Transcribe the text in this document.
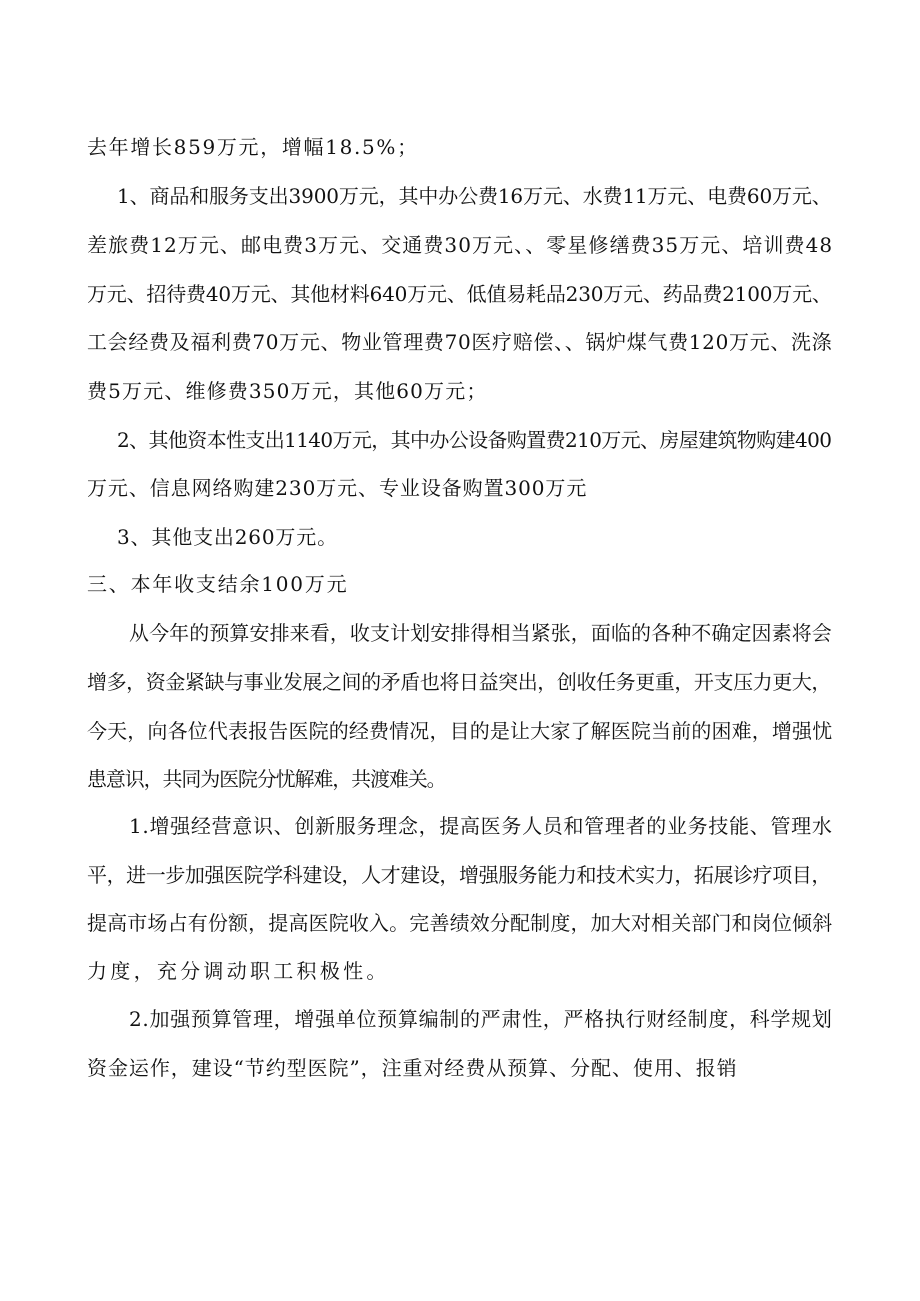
去年增长859万元，增幅18.5%；
1、商品和服务支出3900万元，其中办公费16万元、水费11万元、电费60万元、
差旅费12万元、邮电费3万元、交通费30万元、、零星修缮费35万元、培训费48
万元、招待费40万元、其他材料640万元、低值易耗品230万元、药品费2100万元、
工会经费及福利费70万元、物业管理费70医疗赔偿、、锅炉煤气费120万元、洗涤
费5万元、维修费350万元，其他60万元；
2、其他资本性支出1140万元，其中办公设备购置费210万元、房屋建筑物购建400
万元、信息网络购建230万元、专业设备购置300万元
3、其他支出260万元。
三、本年收支结余100万元
从今年的预算安排来看，收支计划安排得相当紧张，面临的各种不确定因素将会
增多，资金紧缺与事业发展之间的矛盾也将日益突出，创收任务更重，开支压力更大，
今天，向各位代表报告医院的经费情况，目的是让大家了解医院当前的困难，增强忧
患意识，共同为医院分忧解难，共渡难关。
1.增强经营意识、创新服务理念，提高医务人员和管理者的业务技能、管理水
平，进一步加强医院学科建设，人才建设，增强服务能力和技术实力，拓展诊疗项目，
提高市场占有份额，提高医院收入。完善绩效分配制度，加大对相关部门和岗位倾斜
力度，充分调动职工积极性。
2.加强预算管理，增强单位预算编制的严肃性，严格执行财经制度，科学规划
资金运作，建设“节约型医院”，注重对经费从预算、分配、使用、报销
